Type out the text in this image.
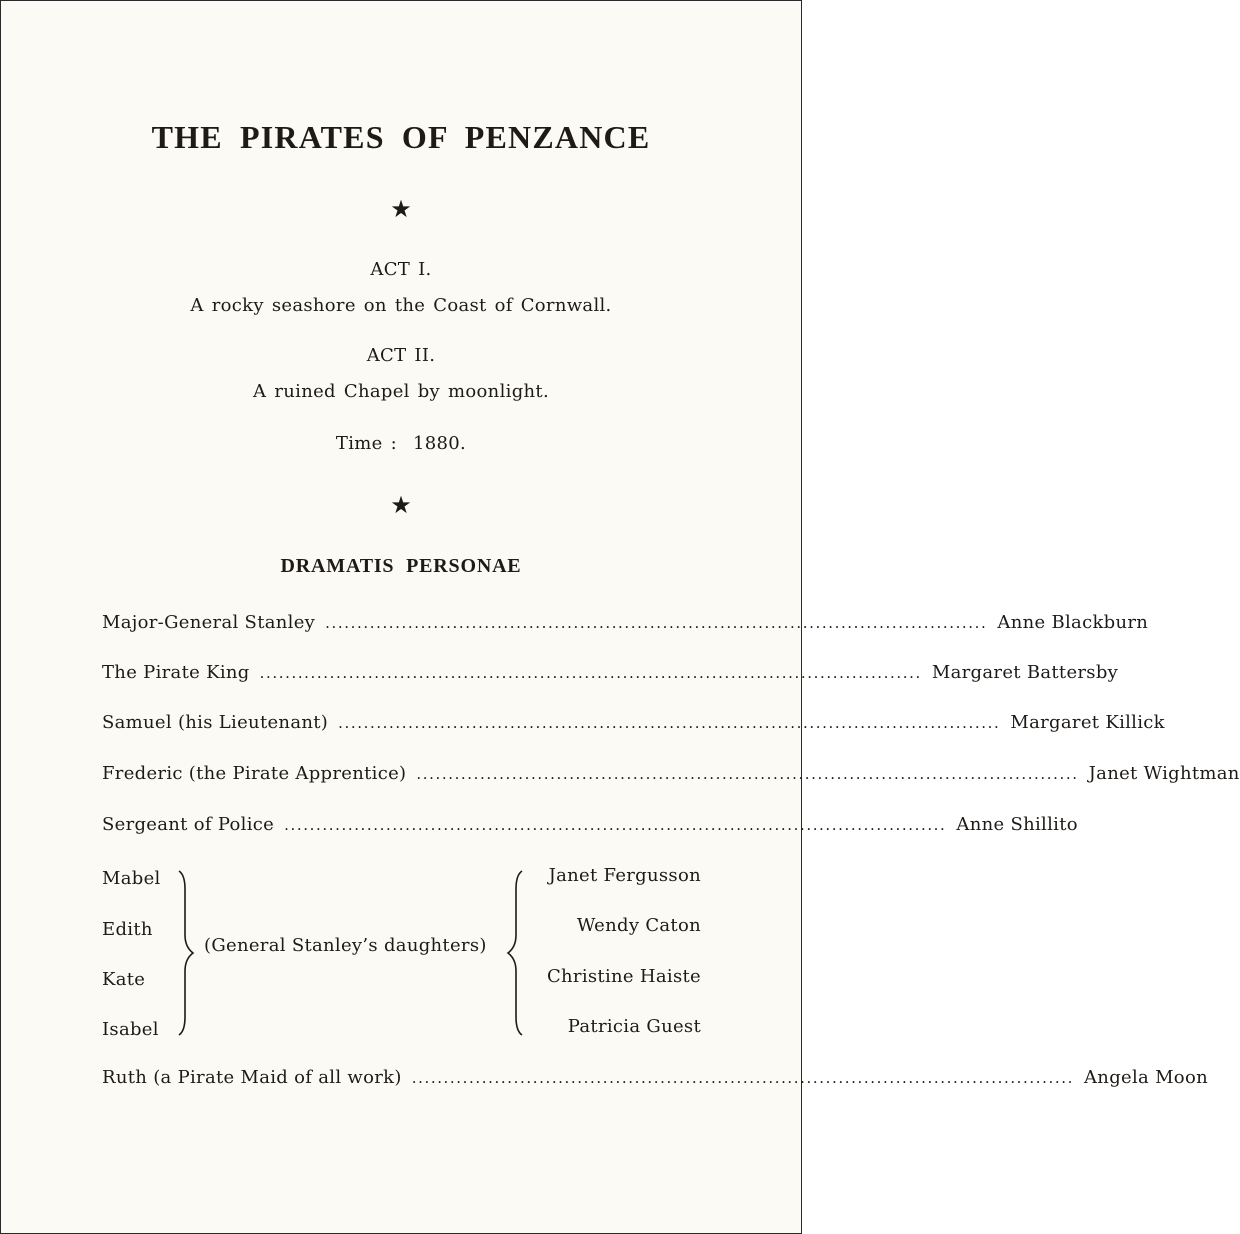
THE PIRATES OF PENZANCE
★
ACT I.
A rocky seashore on the Coast of Cornwall.
ACT II.
A ruined Chapel by moonlight.
Time :  1880.
★
DRAMATIS PERSONAE
Major-General Stanley ........................................................................................................ Anne Blackburn
The Pirate King ........................................................................................................ Margaret Battersby
Samuel (his Lieutenant) ........................................................................................................ Margaret Killick
Frederic (the Pirate Apprentice) ........................................................................................................ Janet Wightman
Sergeant of Police ........................................................................................................ Anne Shillito
Mabel
Edith
Kate
Isabel
(General Stanley’s daughters)
Janet Fergusson
Wendy Caton
Christine Haiste
Patricia Guest
Ruth (a Pirate Maid of all work) ........................................................................................................ Angela Moon
